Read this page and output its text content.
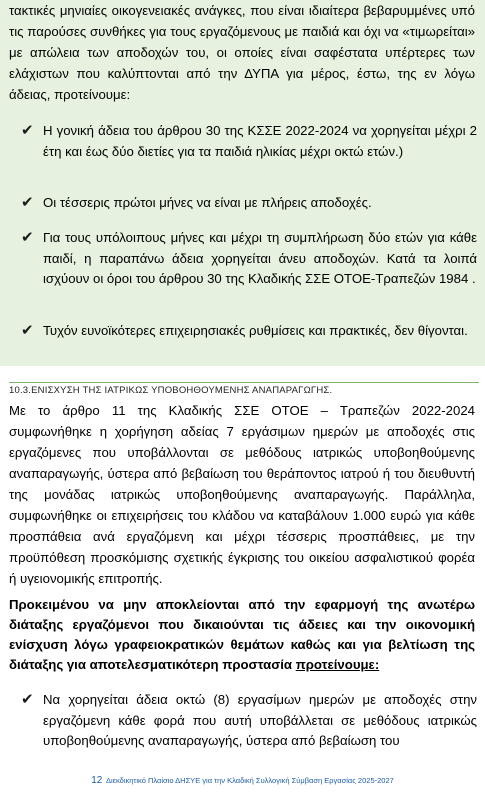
τακτικές μηνιαίες οικογενειακές ανάγκες, που είναι ιδιαίτερα βεβαρυμμένες υπό τις παρούσες συνθήκες για τους εργαζόμενους με παιδιά και όχι να «τιμωρείται» με απώλεια των αποδοχών του, οι οποίες είναι σαφέστατα υπέρτερες των ελάχιστων που καλύπτονται από την ΔΥΠΑ για μέρος, έστω, της εν λόγω άδειας, προτείνουμε:
✔ Η γονική άδεια του άρθρου 30 της ΚΣΣΕ 2022-2024 να χορηγείται μέχρι 2 έτη και έως δύο διετίες για τα παιδιά ηλικίας μέχρι οκτώ ετών.)
✔ Οι τέσσερις πρώτοι μήνες να είναι με πλήρεις αποδοχές.
✔ Για τους υπόλοιπους μήνες και μέχρι τη συμπλήρωση δύο ετών για κάθε παιδί, η παραπάνω άδεια χορηγείται άνευ αποδοχών. Κατά τα λοιπά ισχύουν οι όροι του άρθρου 30 της Κλαδικής ΣΣΕ ΟΤΟΕ-Τραπεζών 1984 .
✔ Τυχόν ευνοϊκότερες επιχειρησιακές ρυθμίσεις και πρακτικές, δεν θίγονται.
10.3.ΕΝΙΣΧΥΣΗ ΤΗΣ ΙΑΤΡΙΚΩΣ ΥΠΟΒΟΗΘΟΥΜΕΝΗΣ ΑΝΑΠΑΡΑΓΩΓΗΣ.
Με το άρθρο 11 της Κλαδικής ΣΣΕ ΟΤΟΕ – Τραπεζών 2022-2024 συμφωνήθηκε η χορήγηση αδείας 7 εργάσιμων ημερών με αποδοχές στις εργαζόμενες που υποβάλλονται σε μεθόδους ιατρικώς υποβοηθούμενης αναπαραγωγής, ύστερα από βεβαίωση του θεράποντος ιατρού ή του διευθυντή της μονάδας ιατρικώς υποβοηθούμενης αναπαραγωγής. Παράλληλα, συμφωνήθηκε οι επιχειρήσεις του κλάδου να καταβάλουν 1.000 ευρώ για κάθε προσπάθεια ανά εργαζόμενη και μέχρι τέσσερις προσπάθειες, με την προϋπόθεση προσκόμισης σχετικής έγκρισης του οικείου ασφαλιστικού φορέα ή υγειονομικής επιτροπής.
Προκειμένου να μην αποκλείονται από την εφαρμογή της ανωτέρω διάταξης εργαζόμενοι που δικαιούνται τις άδειες και την οικονομική ενίσχυση λόγω γραφειοκρατικών θεμάτων καθώς και για βελτίωση της διάταξης για αποτελεσματικότερη προστασία προτείνουμε:
✔ Να χορηγείται άδεια οκτώ (8) εργασίμων ημερών με αποδοχές στην εργαζόμενη κάθε φορά που αυτή υποβάλλεται σε μεθόδους ιατρικώς υποβοηθούμενης αναπαραγωγής, ύστερα από βεβαίωση του
12 Διεκδικητικό Πλαίσιο ΔΗΣΥΕ για την Κλαδική Συλλογική Σύμβαση Εργασίας 2025-2027
